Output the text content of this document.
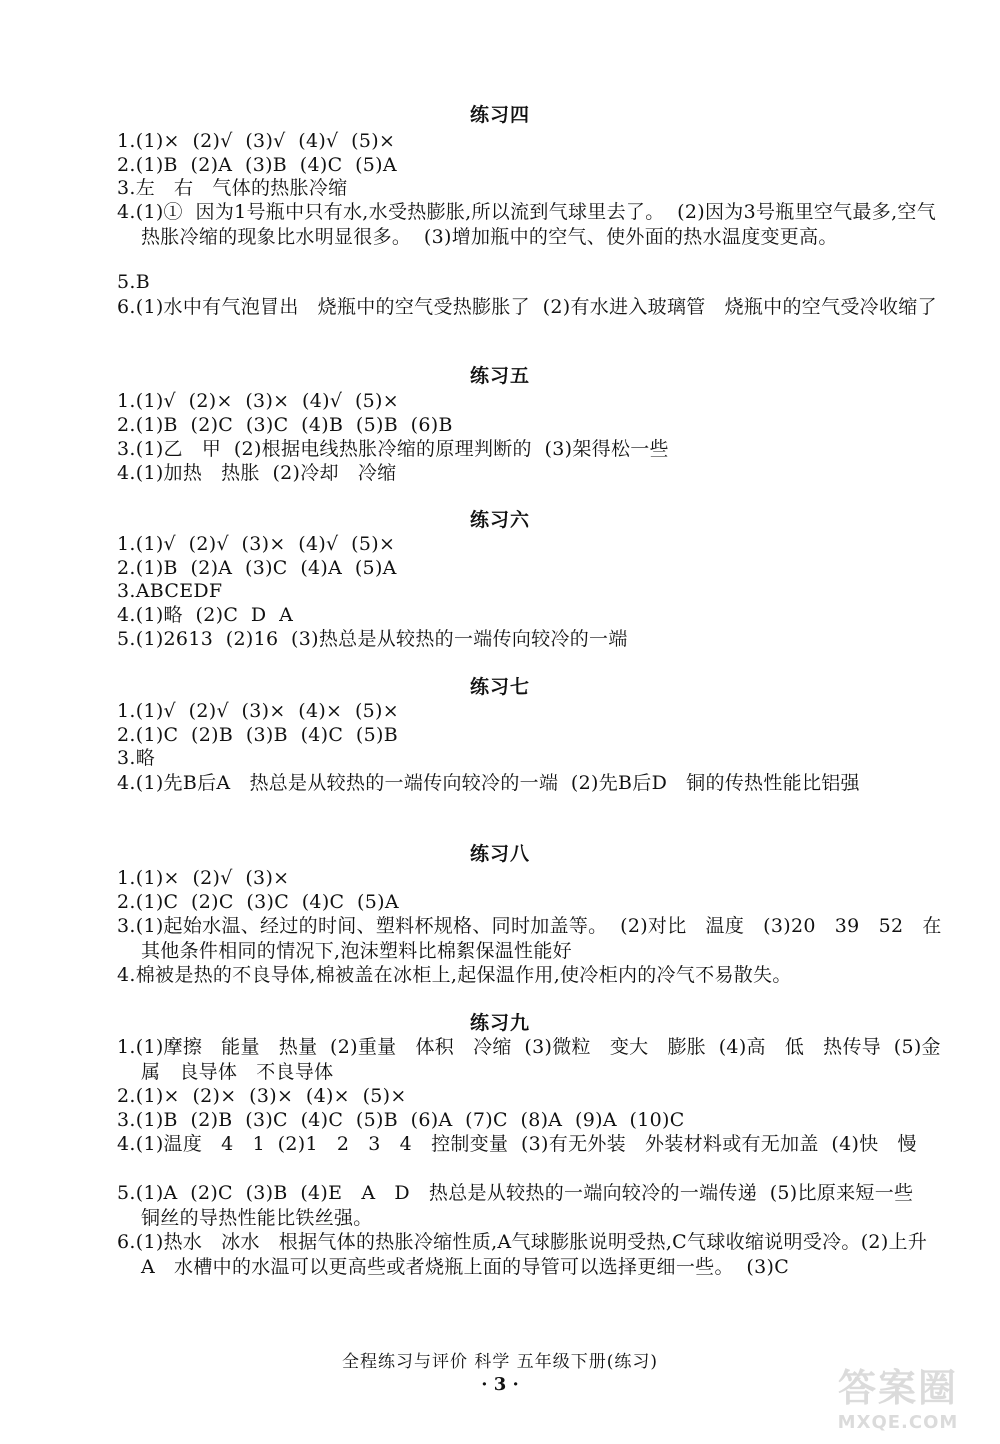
练习四
1.(1)×  (2)√  (3)√  (4)√  (5)×
2.(1)B  (2)A  (3)B  (4)C  (5)A
3.左   右   气体的热胀冷缩
4.(1)①  因为1号瓶中只有水,水受热膨胀,所以流到气球里去了。  (2)因为3号瓶里空气最多,空气热胀冷缩的现象比水明显很多。  (3)增加瓶中的空气、使外面的热水温度变更高。
5.B
6.(1)水中有气泡冒出   烧瓶中的空气受热膨胀了  (2)有水进入玻璃管   烧瓶中的空气受冷收缩了
练习五
1.(1)√  (2)×  (3)×  (4)√  (5)×
2.(1)B  (2)C  (3)C  (4)B  (5)B  (6)B
3.(1)乙   甲  (2)根据电线热胀冷缩的原理判断的  (3)架得松一些
4.(1)加热   热胀  (2)冷却   冷缩
练习六
1.(1)√  (2)√  (3)×  (4)√  (5)×
2.(1)B  (2)A  (3)C  (4)A  (5)A
3.ABCEDF
4.(1)略  (2)C  D  A
5.(1)2613  (2)16  (3)热总是从较热的一端传向较冷的一端
练习七
1.(1)√  (2)√  (3)×  (4)×  (5)×
2.(1)C  (2)B  (3)B  (4)C  (5)B
3.略
4.(1)先B后A   热总是从较热的一端传向较冷的一端  (2)先B后D   铜的传热性能比铝强
练习八
1.(1)×  (2)√  (3)×
2.(1)C  (2)C  (3)C  (4)C  (5)A
3.(1)起始水温、经过的时间、塑料杯规格、同时加盖等。  (2)对比   温度   (3)20   39   52   在其他条件相同的情况下,泡沫塑料比棉絮保温性能好
4.棉被是热的不良导体,棉被盖在冰柜上,起保温作用,使冷柜内的冷气不易散失。
练习九
1.(1)摩擦   能量   热量  (2)重量   体积   冷缩  (3)微粒   变大   膨胀  (4)高   低   热传导  (5)金属   良导体   不良导体
2.(1)×  (2)×  (3)×  (4)×  (5)×
3.(1)B  (2)B  (3)C  (4)C  (5)B  (6)A  (7)C  (8)A  (9)A  (10)C
4.(1)温度   4   1  (2)1   2   3   4   控制变量  (3)有无外装   外装材料或有无加盖  (4)快   慢
5.(1)A  (2)C  (3)B  (4)E   A   D   热总是从较热的一端向较冷的一端传递  (5)比原来短一些   铜丝的导热性能比铁丝强。
6.(1)热水   冰水   根据气体的热胀冷缩性质,A气球膨胀说明受热,C气球收缩说明受冷。(2)上升   A   水槽中的水温可以更高些或者烧瓶上面的导管可以选择更细一些。  (3)C
全程练习与评价 科学 五年级下册(练习)
· 3 ·	答案圈
MXQE.COM
